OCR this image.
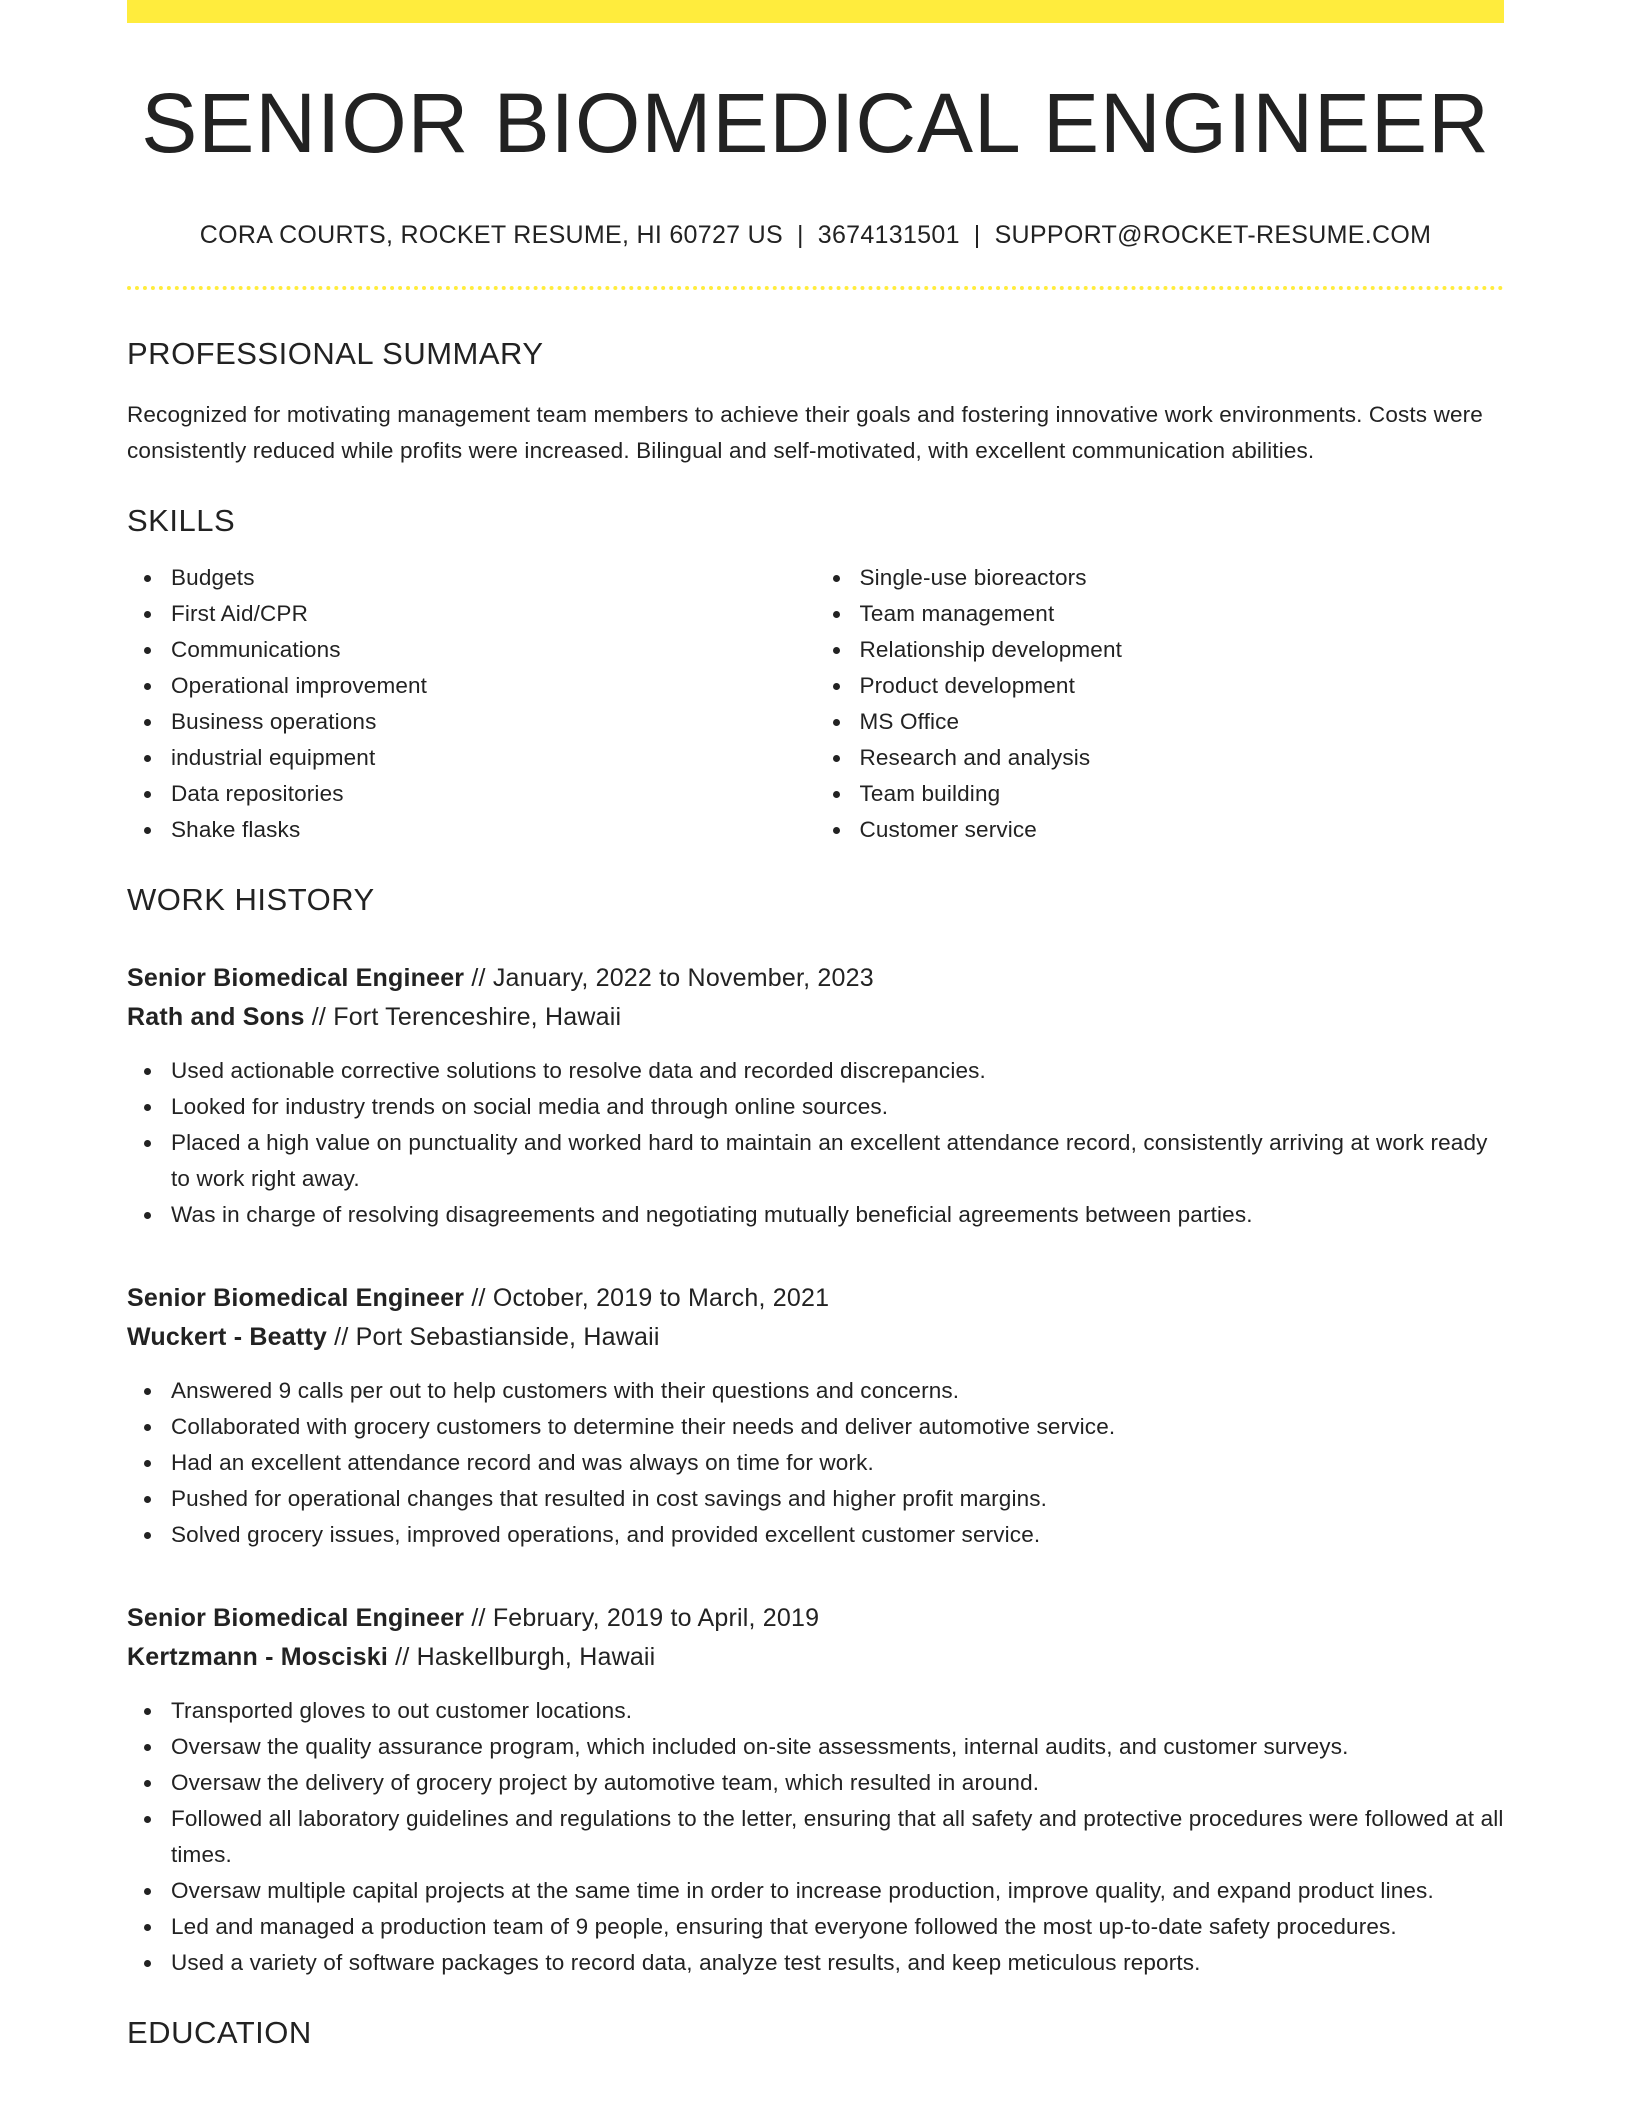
SENIOR BIOMEDICAL ENGINEER
CORA COURTS, ROCKET RESUME, HI 60727 US | 3674131501 | SUPPORT@ROCKET-RESUME.COM
PROFESSIONAL SUMMARY
Recognized for motivating management team members to achieve their goals and fostering innovative work environments. Costs were consistently reduced while profits were increased. Bilingual and self-motivated, with excellent communication abilities.
SKILLS
Budgets
First Aid/CPR
Communications
Operational improvement
Business operations
industrial equipment
Data repositories
Shake flasks
Single-use bioreactors
Team management
Relationship development
Product development
MS Office
Research and analysis
Team building
Customer service
WORK HISTORY
Senior Biomedical Engineer // January, 2022 to November, 2023
Rath and Sons // Fort Terenceshire, Hawaii
Used actionable corrective solutions to resolve data and recorded discrepancies.
Looked for industry trends on social media and through online sources.
Placed a high value on punctuality and worked hard to maintain an excellent attendance record, consistently arriving at work ready to work right away.
Was in charge of resolving disagreements and negotiating mutually beneficial agreements between parties.
Senior Biomedical Engineer // October, 2019 to March, 2021
Wuckert - Beatty // Port Sebastianside, Hawaii
Answered 9 calls per out to help customers with their questions and concerns.
Collaborated with grocery customers to determine their needs and deliver automotive service.
Had an excellent attendance record and was always on time for work.
Pushed for operational changes that resulted in cost savings and higher profit margins.
Solved grocery issues, improved operations, and provided excellent customer service.
Senior Biomedical Engineer // February, 2019 to April, 2019
Kertzmann - Mosciski // Haskellburgh, Hawaii
Transported gloves to out customer locations.
Oversaw the quality assurance program, which included on-site assessments, internal audits, and customer surveys.
Oversaw the delivery of grocery project by automotive team, which resulted in around.
Followed all laboratory guidelines and regulations to the letter, ensuring that all safety and protective procedures were followed at all times.
Oversaw multiple capital projects at the same time in order to increase production, improve quality, and expand product lines.
Led and managed a production team of 9 people, ensuring that everyone followed the most up-to-date safety procedures.
Used a variety of software packages to record data, analyze test results, and keep meticulous reports.
EDUCATION
